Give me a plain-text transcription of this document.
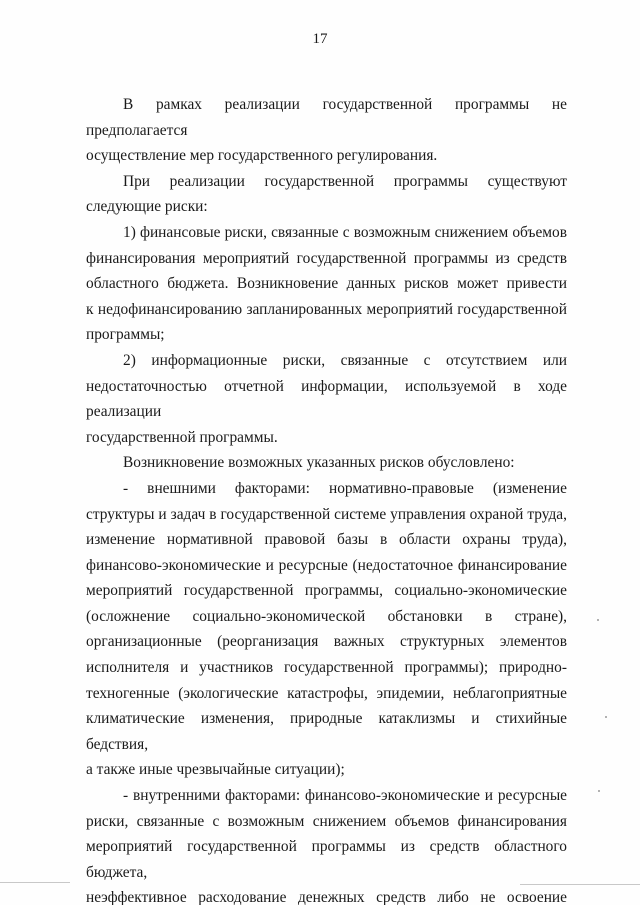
17
В рамках реализации государственной программы не предполагается
осуществление мер государственного регулирования.
При реализации государственной программы существуют
следующие риски:
1) финансовые риски, связанные с возможным снижением объемов
финансирования мероприятий государственной программы из средств
областного бюджета. Возникновение данных рисков может привести
к недофинансированию запланированных мероприятий государственной
программы;
2) информационные риски, связанные с отсутствием или
недостаточностью отчетной информации, используемой в ходе реализации
государственной программы.
Возникновение возможных указанных рисков обусловлено:
- внешними факторами: нормативно-правовые (изменение
структуры и задач в государственной системе управления охраной труда,
изменение нормативной правовой базы в области охраны труда),
финансово-экономические и ресурсные (недостаточное финансирование
мероприятий государственной программы, социально-экономические
(осложнение социально-экономической обстановки в стране),
организационные (реорганизация важных структурных элементов
исполнителя и участников государственной программы); природно-
техногенные (экологические катастрофы, эпидемии, неблагоприятные
климатические изменения, природные катаклизмы и стихийные бедствия,
а также иные чрезвычайные ситуации);
- внутренними факторами: финансово-экономические и ресурсные
риски, связанные с возможным снижением объемов финансирования
мероприятий государственной программы из средств областного бюджета,
неэффективное расходование денежных средств либо не освоение
